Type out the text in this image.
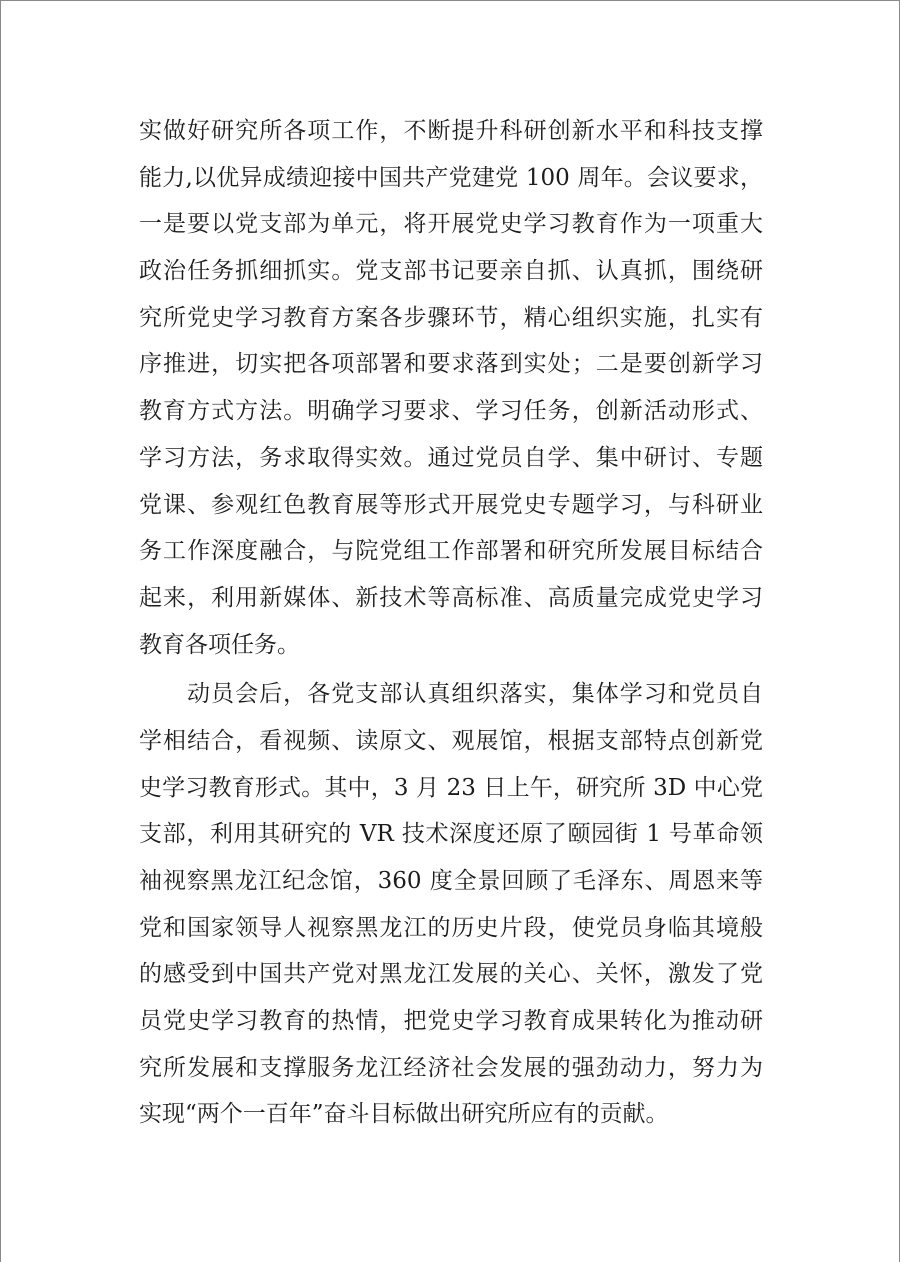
实做好研究所各项工作，不断提升科研创新水平和科技支撑
能力,以优异成绩迎接中国共产党建党 100 周年。会议要求，
一是要以党支部为单元，将开展党史学习教育作为一项重大
政治任务抓细抓实。党支部书记要亲自抓、认真抓，围绕研
究所党史学习教育方案各步骤环节，精心组织实施，扎实有
序推进，切实把各项部署和要求落到实处；二是要创新学习
教育方式方法。明确学习要求、学习任务，创新活动形式、
学习方法，务求取得实效。通过党员自学、集中研讨、专题
党课、参观红色教育展等形式开展党史专题学习，与科研业
务工作深度融合，与院党组工作部署和研究所发展目标结合
起来，利用新媒体、新技术等高标准、高质量完成党史学习
教育各项任务。
动员会后，各党支部认真组织落实，集体学习和党员自
学相结合，看视频、读原文、观展馆，根据支部特点创新党
史学习教育形式。其中，3 月 23 日上午，研究所 3D 中心党
支部，利用其研究的 VR 技术深度还原了颐园街 1 号革命领
袖视察黑龙江纪念馆，360 度全景回顾了毛泽东、周恩来等
党和国家领导人视察黑龙江的历史片段，使党员身临其境般
的感受到中国共产党对黑龙江发展的关心、关怀，激发了党
员党史学习教育的热情，把党史学习教育成果转化为推动研
究所发展和支撑服务龙江经济社会发展的强劲动力，努力为
实现“两个一百年”奋斗目标做出研究所应有的贡献。
